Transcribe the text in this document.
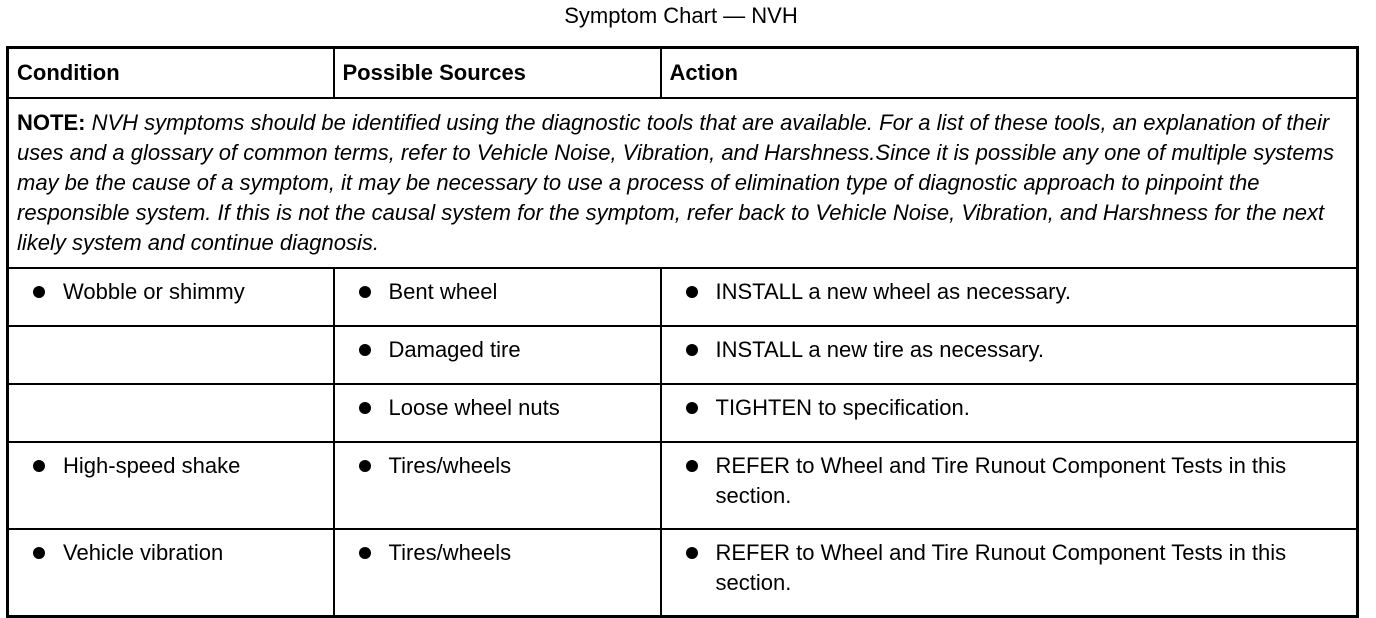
Symptom Chart — NVH
Condition	Possible Sources	Action
NOTE: NVH symptoms should be identified using the diagnostic tools that are available. For a list of these tools, an explanation of their uses and a glossary of common terms, refer to Vehicle Noise, Vibration, and Harshness.Since it is possible any one of multiple systems may be the cause of a symptom, it may be necessary to use a process of elimination type of diagnostic approach to pinpoint the responsible system. If this is not the causal system for the symptom, refer back to Vehicle Noise, Vibration, and Harshness for the next likely system and continue diagnosis.		

Wobble or shimmy	Bent wheel	INSTALL a new wheel as necessary.

	Damaged tire	INSTALL a new tire as necessary.

	Loose wheel nuts	TIGHTEN to specification.

High-speed shake	Tires/wheels	REFER to Wheel and Tire Runout Component Tests in this section.

Vehicle vibration	Tires/wheels	REFER to Wheel and Tire Runout Component Tests in this section.
